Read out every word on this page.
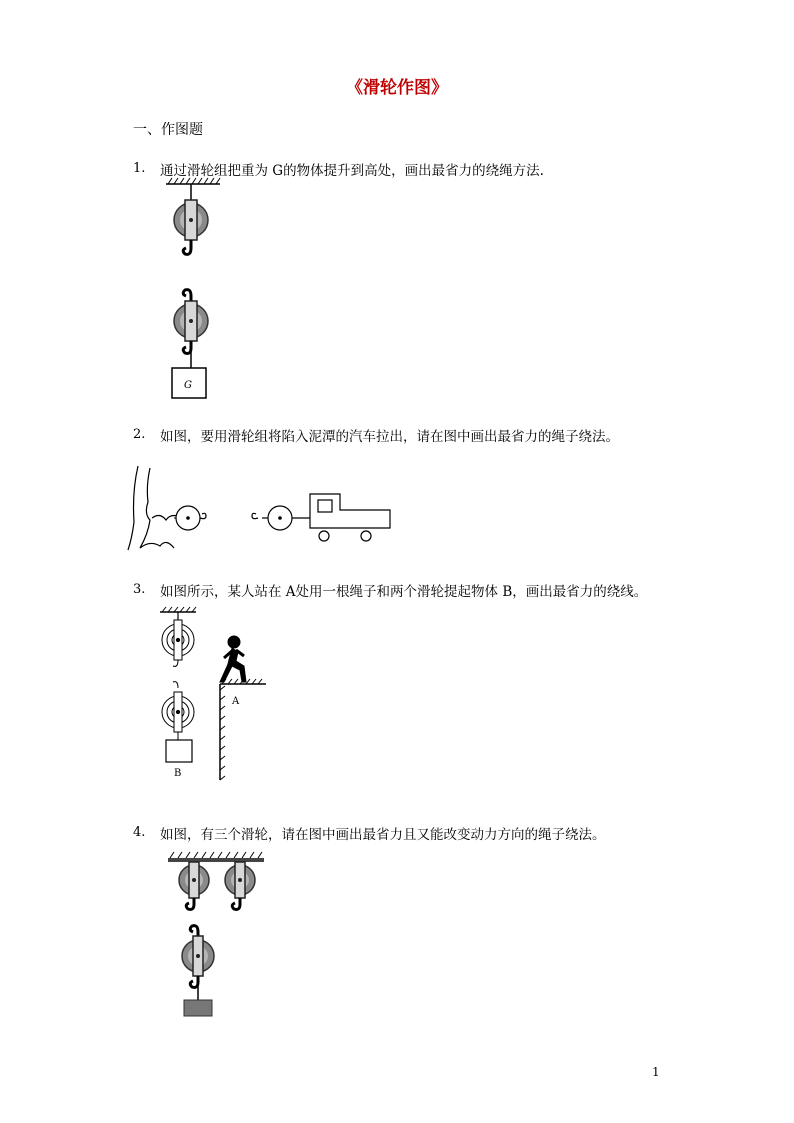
《滑轮作图》
一、作图题
1. 通过滑轮组把重为 G的物体提升到高处，画出最省力的绕绳方法.
G
2. 如图，要用滑轮组将陷入泥潭的汽车拉出，请在图中画出最省力的绳子绕法。
3. 如图所示，某人站在 A处用一根绳子和两个滑轮提起物体 B，画出最省力的绕线。
B
A
4. 如图，有三个滑轮，请在图中画出最省力且又能改变动力方向的绳子绕法。
1
